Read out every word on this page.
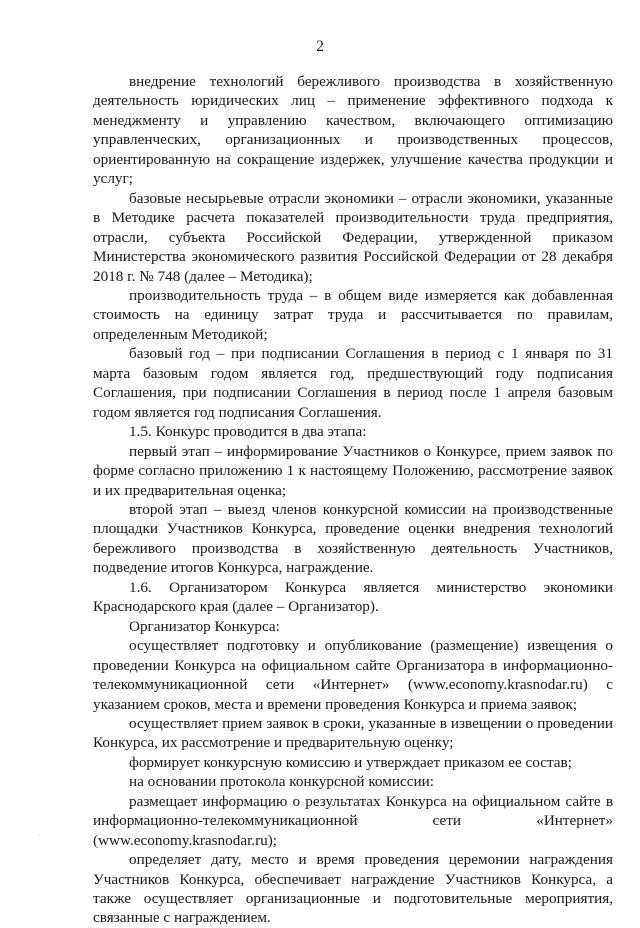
2

внедрение технологий бережливого производства в хозяйственную деятельность юридических лиц – применение эффективного подхода к менеджменту и управлению качеством, включающего оптимизацию управленческих, организационных и производственных процессов, ориентированную на сокращение издержек, улучшение качества продукции и услуг;

базовые несырьевые отрасли экономики – отрасли экономики, указанные в Методике расчета показателей производительности труда предприятия, отрасли, субъекта Российской Федерации, утвержденной приказом Министерства экономического развития Российской Федерации от 28 декабря 2018 г. № 748 (далее – Методика);

производительность труда – в общем виде измеряется как добавленная стоимость на единицу затрат труда и рассчитывается по правилам, определенным Методикой;

базовый год – при подписании Соглашения в период с 1 января по 31 марта базовым годом является год, предшествующий году подписания Соглашения, при подписании Соглашения в период после 1 апреля базовым годом является год подписания Соглашения.

1.5. Конкурс проводится в два этапа:

первый этап – информирование Участников о Конкурсе, прием заявок по форме согласно приложению 1 к настоящему Положению, рассмотрение заявок и их предварительная оценка;

второй этап – выезд членов конкурсной комиссии на производственные площадки Участников Конкурса, проведение оценки внедрения технологий бережливого производства в хозяйственную деятельность Участников, подведение итогов Конкурса, награждение.

1.6. Организатором Конкурса является министерство экономики Краснодарского края (далее – Организатор).

Организатор Конкурса:

осуществляет подготовку и опубликование (размещение) извещения о проведении Конкурса на официальном сайте Организатора в информационно-телекоммуникационной сети «Интернет» (www.economy.krasnodar.ru) с указанием сроков, места и времени проведения Конкурса и приема заявок;

осуществляет прием заявок в сроки, указанные в извещении о проведении Конкурса, их рассмотрение и предварительную оценку;

формирует конкурсную комиссию и утверждает приказом ее состав;

на основании протокола конкурсной комиссии:

размещает информацию о результатах Конкурса на официальном сайте в информационно-телекоммуникационной сети «Интернет» (www.economy.krasnodar.ru);

определяет дату, место и время проведения церемонии награждения Участников Конкурса, обеспечивает награждение Участников Конкурса, а также осуществляет организационные и подготовительные мероприятия, связанные с награждением.

·
